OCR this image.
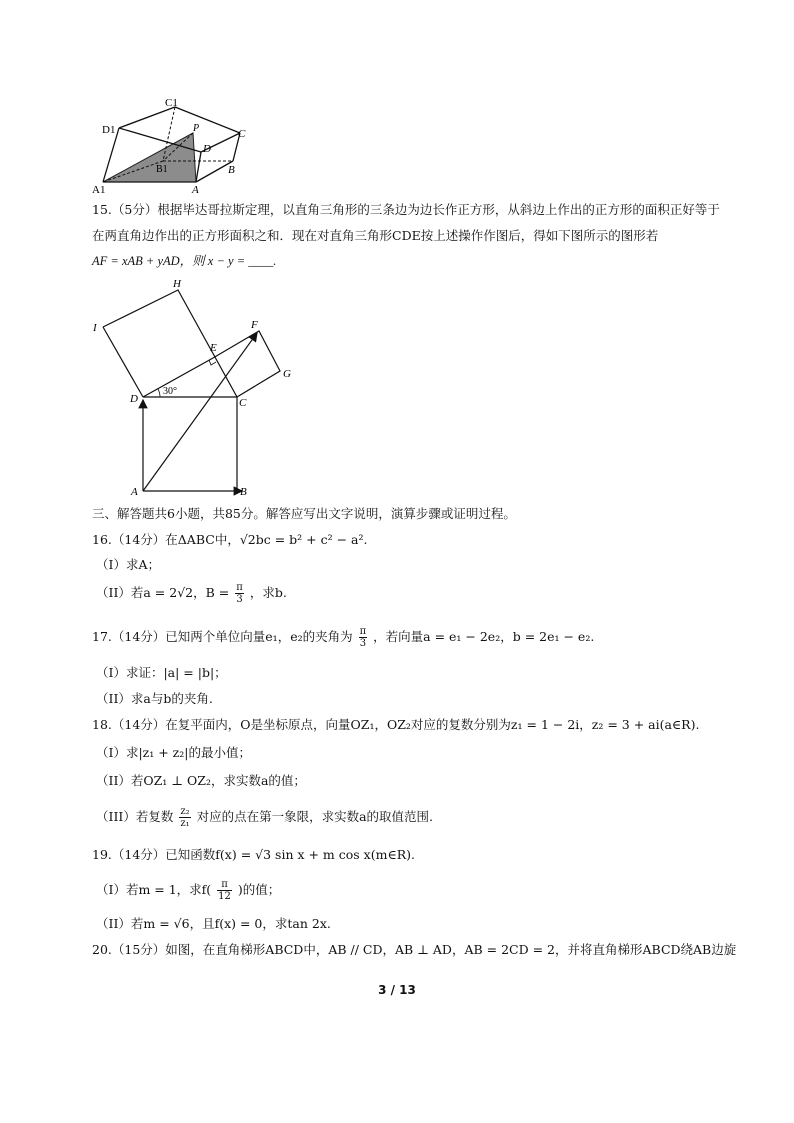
C1
D1	P	C
D
B1	B
A1	A
15.（5分）根据毕达哥拉斯定理，以直角三角形的三条边为边长作正方形，从斜边上作出的正方形的面积正好等于
在两直角边作出的正方形面积之和．现在对直角三角形CDE按上述操作作图后，得如下图所示的图形若
AF = xAB + yAD，则 x − y = ____.
H
I	F
E
G
D	C
A	B
30°
三、解答题共6小题，共85分。解答应写出文字说明，演算步骤或证明过程。
16.（14分）在ΔABC中，√2bc = b² + c² − a².
（I）求A；
（II）若a = 2√2，$B = \frac{\pi}{3}$ ，求b.
17.（14分）已知两个单位向量e₁，e₂的夹角为 $\frac{\pi}{3}$ ，若向量a = e₁ − 2e₂，b = 2e₁ − e₂.
（I）求证：|a| = |b|；
（II）求a与b的夹角.
18.（14分）在复平面内，O是坐标原点，向量OZ₁，OZ₂对应的复数分别为z₁ = 1 − 2i，z₂ = 3 + ai(a∈R).
（I）求|z₁ + z₂|的最小值；
（II）若OZ₁ ⊥ OZ₂，求实数a的值；
（III）若复数 $\frac{\text{z₂}}{\text{z₁}}$ 对应的点在第一象限，求实数a的取值范围.
19.（14分）已知函数f(x) = √3 sin x + m cos x(m∈R).
（I）若m = 1，求$f( \frac{\pi}{12}$ )的值；
（II）若m = √6，且f(x) = 0，求tan 2x.
20.（15分）如图，在直角梯形ABCD中，AB // CD，AB ⊥ AD，AB = 2CD = 2，并将直角梯形ABCD绕AB边旋
3 / 13
